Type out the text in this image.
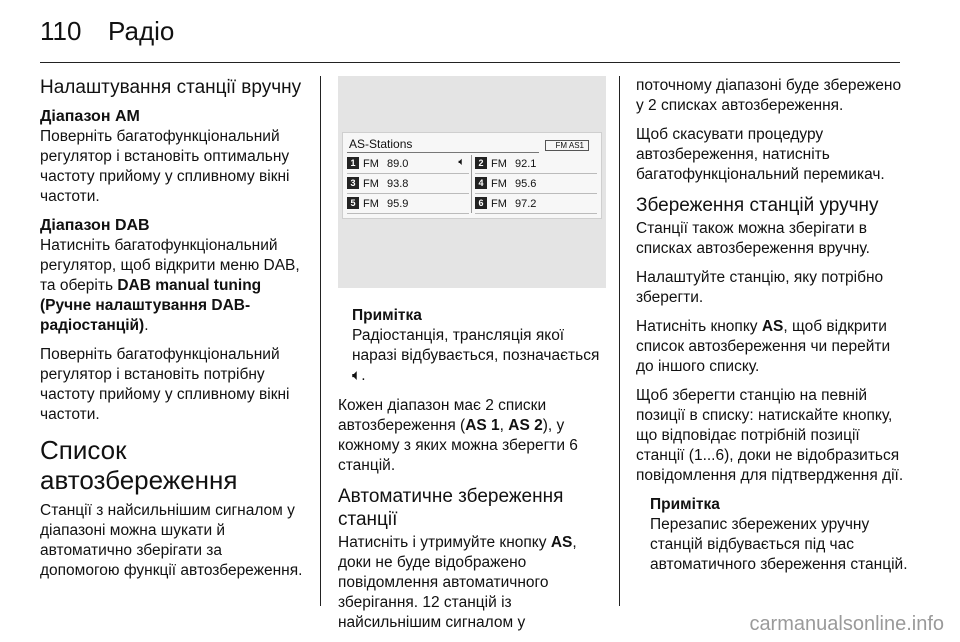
110 Радіо
Налаштування станції вручну
Діапазон AM

Поверніть багатофункціональний регулятор і встановіть оптимальну частоту прийому у спливному вікні частоти.

Діапазон DAB

Натисніть багатофункціональний регулятор, щоб відкрити меню DAB, та оберіть DAB manual tuning (Ручне налаштування DAB-радіостанцій).

Поверніть багатофункціональний регулятор і встановіть потрібну частоту прийому у спливному вікні частоти.

Список автозбереження

Станції з найсильнішим сигналом у діапазоні можна шукати й автоматично зберігати за допомогою функції автозбереження.

AS-Stations	FM AS1
1 FM 89.0	🔈︎	2 FM 92.1
3 FM 93.8	4 FM 95.6
5 FM 95.9	6 FM 97.2
Примітка

Радіостанція, трансляція якої наразі відбувається, позначається 🔈︎.

Кожен діапазон має 2 списки автозбереження (AS 1, AS 2), у кожному з яких можна зберегти 6 станцій.

Автоматичне збереження станції

Натисніть і утримуйте кнопку AS, доки не буде відображено повідомлення автоматичного зберігання. 12 станцій із найсильнішим сигналом у

поточному діапазоні буде збережено у 2 списках автозбереження.

Щоб скасувати процедуру автозбереження, натисніть багатофункціональний перемикач.

Збереження станцій уручну

Станції також можна зберігати в списках автозбереження вручну.

Налаштуйте станцію, яку потрібно зберегти.

Натисніть кнопку AS, щоб відкрити список автозбереження чи перейти до іншого списку.

Щоб зберегти станцію на певній позиції в списку: натискайте кнопку, що відповідає потрібній позиції станції (1...6), доки не відобразиться повідомлення для підтвердження дії.

Примітка

Перезапис збережених уручну станцій відбувається під час автоматичного збереження станцій.

carmanualsonline.info
